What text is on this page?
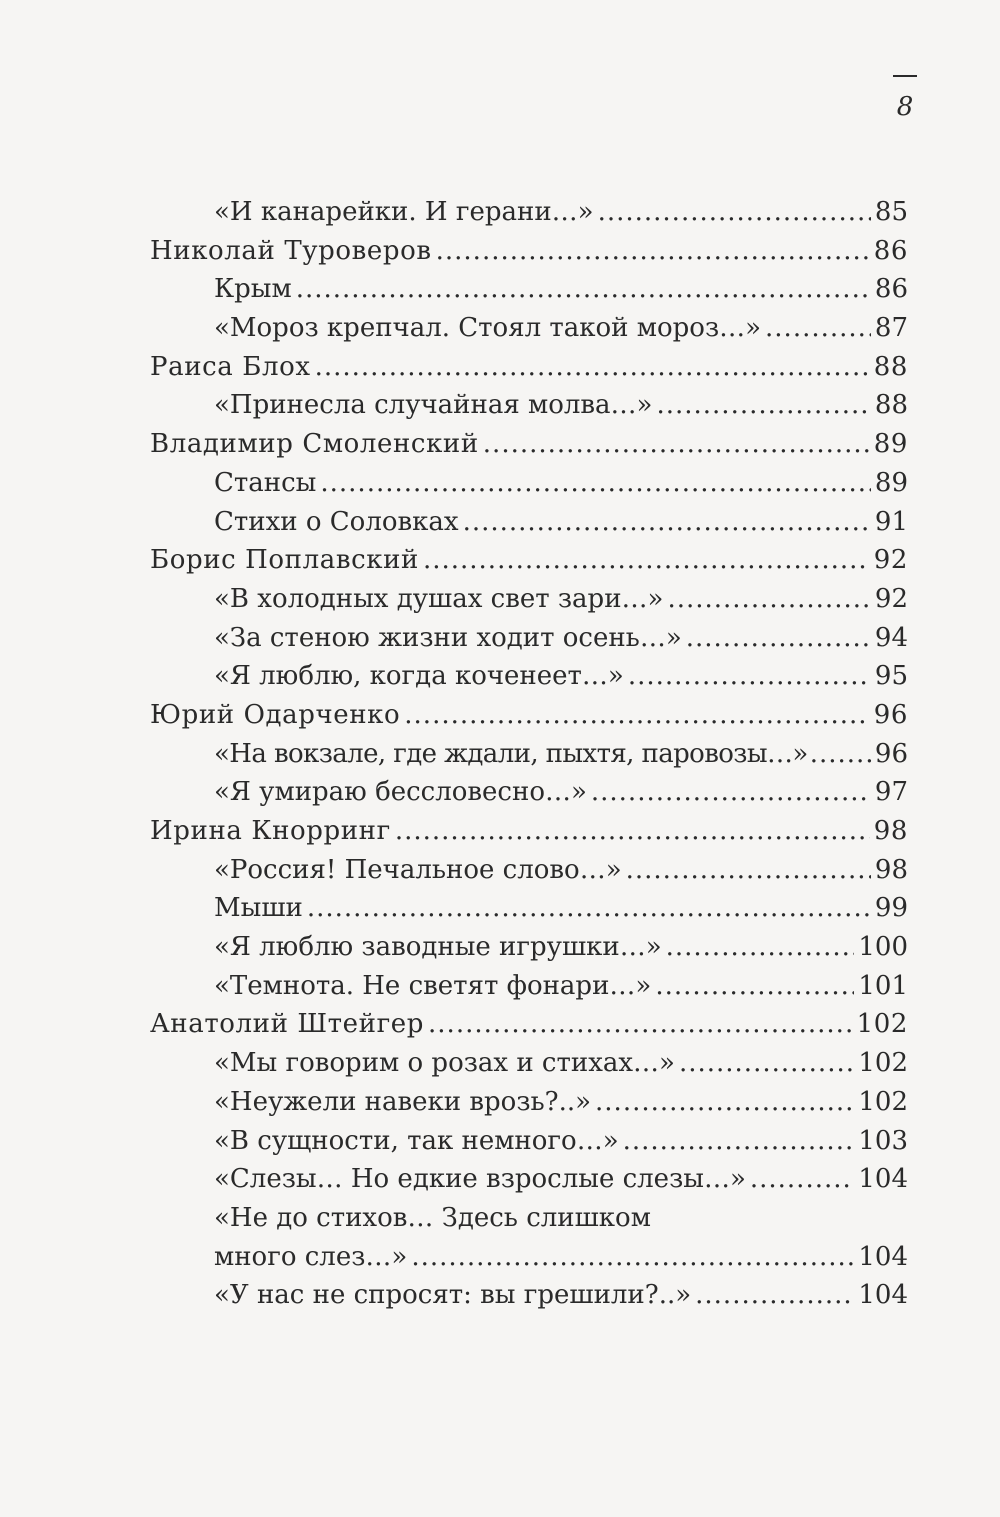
8
«И канарейки. И герани…» .....	85
Николай Туроверов .....	86
Крым .....	86
«Мороз крепчал. Стоял такой мороз…» .....	87
Раиса Блох .....	88
«Принесла случайная молва…» .....	88
Владимир Смоленский .....	89
Стансы .....	89
Стихи о Соловках .....	91
Борис Поплавский .....	92
«В холодных душах свет зари…» .....	92
«За стеною жизни ходит осень…» .....	94
«Я люблю, когда коченеет…» .....	95
Юрий Одарченко .....	96
«На вокзале, где ждали, пыхтя, паровозы…» .....	96
«Я умираю бессловесно…» .....	97
Ирина Кнорринг .....	98
«Россия! Печальное слово…» .....	98
Мыши .....	99
«Я люблю заводные игрушки…» .....	100
«Темнота. Не светят фонари…» .....	101
Анатолий Штейгер .....	102
«Мы говорим о розах и стихах…» .....	102
«Неужели навеки врозь?..» .....	102
«В сущности, так немного…» .....	103
«Слезы… Но едкие взрослые слезы…» .....	104
«Не до стихов… Здесь слишком
много слез…» .....	104
«У нас не спросят: вы грешили?..» .....	104
